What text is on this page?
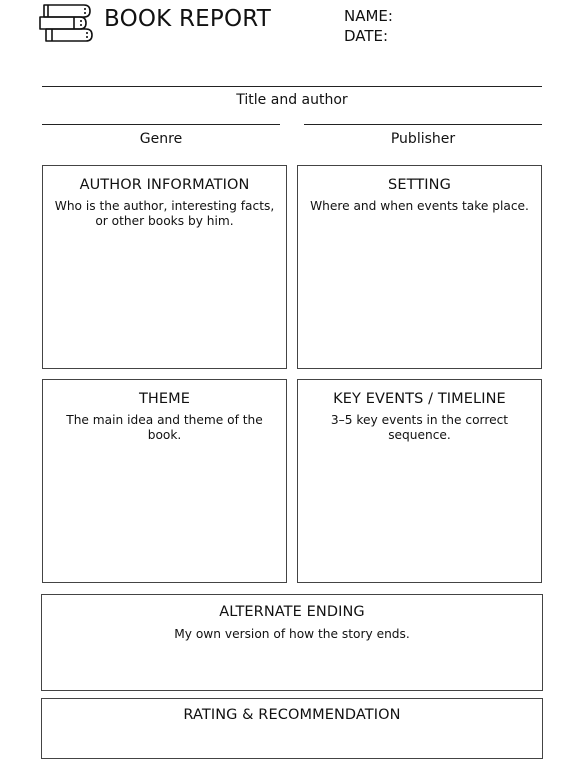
BOOK REPORT	NAME:
DATE:
Title and author
Genre	Publisher
AUTHOR INFORMATION
Who is the author, interesting facts, or other books by him.
SETTING
Where and when events take place.
THEME
The main idea and theme of the book.
KEY EVENTS / TIMELINE
3–5 key events in the correct sequence.
ALTERNATE ENDING
My own version of how the story ends.
RATING & RECOMMENDATION
